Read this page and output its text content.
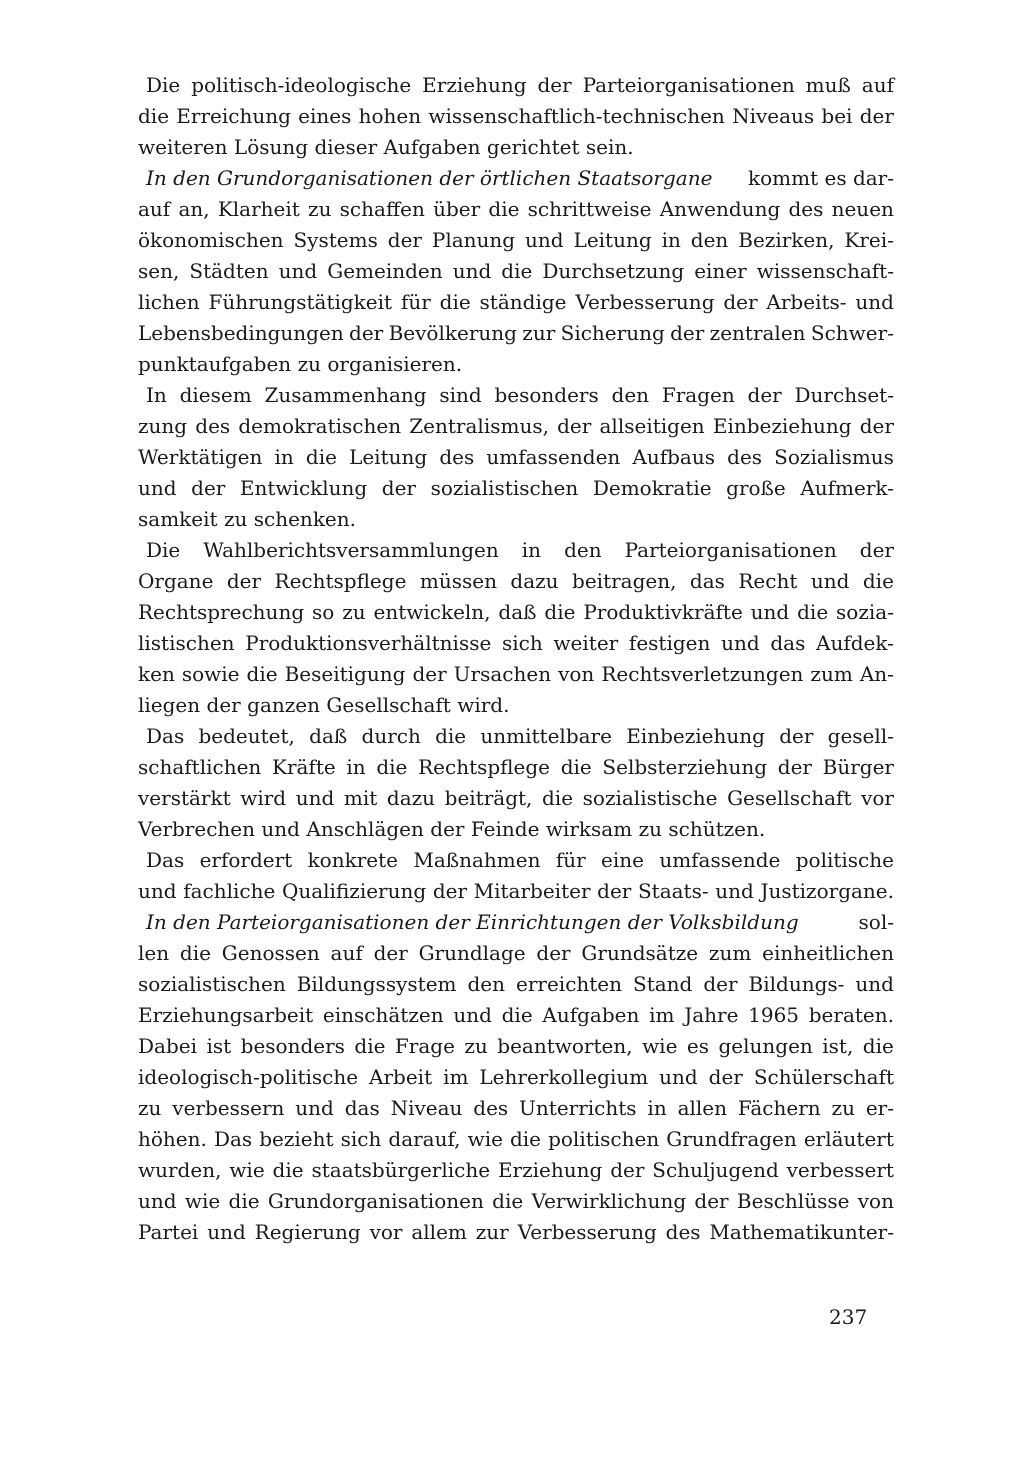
Die politisch-ideologische Erziehung der Parteiorganisationen muß auf
die Erreichung eines hohen wissenschaftlich-technischen Niveaus bei der
weiteren Lösung dieser Aufgaben gerichtet sein.
In den Grundorganisationen der örtlichen Staatsorgane kommt es dar-
auf an, Klarheit zu schaffen über die schrittweise Anwendung des neuen
ökonomischen Systems der Planung und Leitung in den Bezirken, Krei-
sen, Städten und Gemeinden und die Durchsetzung einer wissenschaft-
lichen Führungstätigkeit für die ständige Verbesserung der Arbeits- und
Lebensbedingungen der Bevölkerung zur Sicherung der zentralen Schwer-
punktaufgaben zu organisieren.
In diesem Zusammenhang sind besonders den Fragen der Durchset-
zung des demokratischen Zentralismus, der allseitigen Einbeziehung der
Werktätigen in die Leitung des umfassenden Aufbaus des Sozialismus
und der Entwicklung der sozialistischen Demokratie große Aufmerk-
samkeit zu schenken.
Die Wahlberichtsversammlungen in den Parteiorganisationen der
Organe der Rechtspflege müssen dazu beitragen, das Recht und die
Rechtsprechung so zu entwickeln, daß die Produktivkräfte und die sozia-
listischen Produktionsverhältnisse sich weiter festigen und das Aufdek-
ken sowie die Beseitigung der Ursachen von Rechtsverletzungen zum An-
liegen der ganzen Gesellschaft wird.
Das bedeutet, daß durch die unmittelbare Einbeziehung der gesell-
schaftlichen Kräfte in die Rechtspflege die Selbsterziehung der Bürger
verstärkt wird und mit dazu beiträgt, die sozialistische Gesellschaft vor
Verbrechen und Anschlägen der Feinde wirksam zu schützen.
Das erfordert konkrete Maßnahmen für eine umfassende politische
und fachliche Qualifizierung der Mitarbeiter der Staats- und Justizorgane.
In den Parteiorganisationen der Einrichtungen der Volksbildung	sol-
len die Genossen auf der Grundlage der Grundsätze zum einheitlichen
sozialistischen Bildungssystem den erreichten Stand der Bildungs- und
Erziehungsarbeit einschätzen und die Aufgaben im Jahre 1965 beraten.
Dabei ist besonders die Frage zu beantworten, wie es gelungen ist, die
ideologisch-politische Arbeit im Lehrerkollegium und der Schülerschaft
zu verbessern und das Niveau des Unterrichts in allen Fächern zu er-
höhen. Das bezieht sich darauf, wie die politischen Grundfragen erläutert
wurden, wie die staatsbürgerliche Erziehung der Schuljugend verbessert
und wie die Grundorganisationen die Verwirklichung der Beschlüsse von
Partei und Regierung vor allem zur Verbesserung des Mathematikunter-
237
